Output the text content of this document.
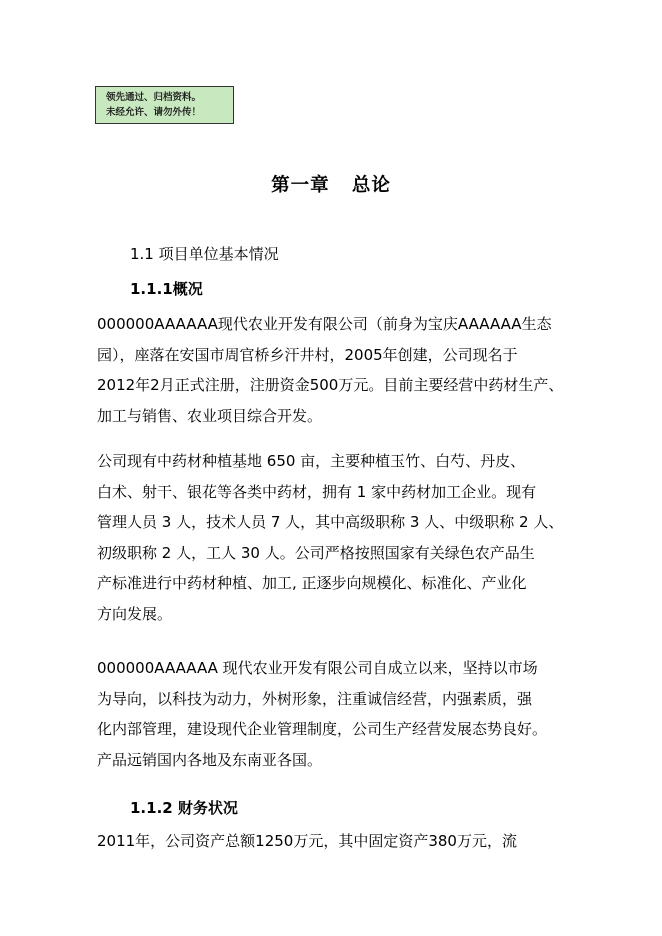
领先通过、归档资料。
未经允许、请勿外传！
第一章   总论
1.1 项目单位基本情况
1.1.1概况
000000AAAAAA现代农业开发有限公司（前身为宝庆AAAAAA生态
园），座落在安国市周官桥乡汗井村，2005年创建，公司现名于
2012年2月正式注册，注册资金500万元。目前主要经营中药材生产、
加工与销售、农业项目综合开发。
公司现有中药材种植基地 650 亩，主要种植玉竹、白芍、丹皮、
白术、射干、银花等各类中药材，拥有 1 家中药材加工企业。现有
管理人员 3 人，技术人员 7 人，其中高级职称 3 人、中级职称 2 人、
初级职称 2 人，工人 30 人。公司严格按照国家有关绿色农产品生
产标准进行中药材种植、加工, 正逐步向规模化、标准化、产业化
方向发展。
000000AAAAAA 现代农业开发有限公司自成立以来，坚持以市场
为导向，以科技为动力，外树形象，注重诚信经营，内强素质，强
化内部管理，建设现代企业管理制度，公司生产经营发展态势良好。
产品远销国内各地及东南亚各国。
1.1.2 财务状况
2011年，公司资产总额1250万元，其中固定资产380万元，流
